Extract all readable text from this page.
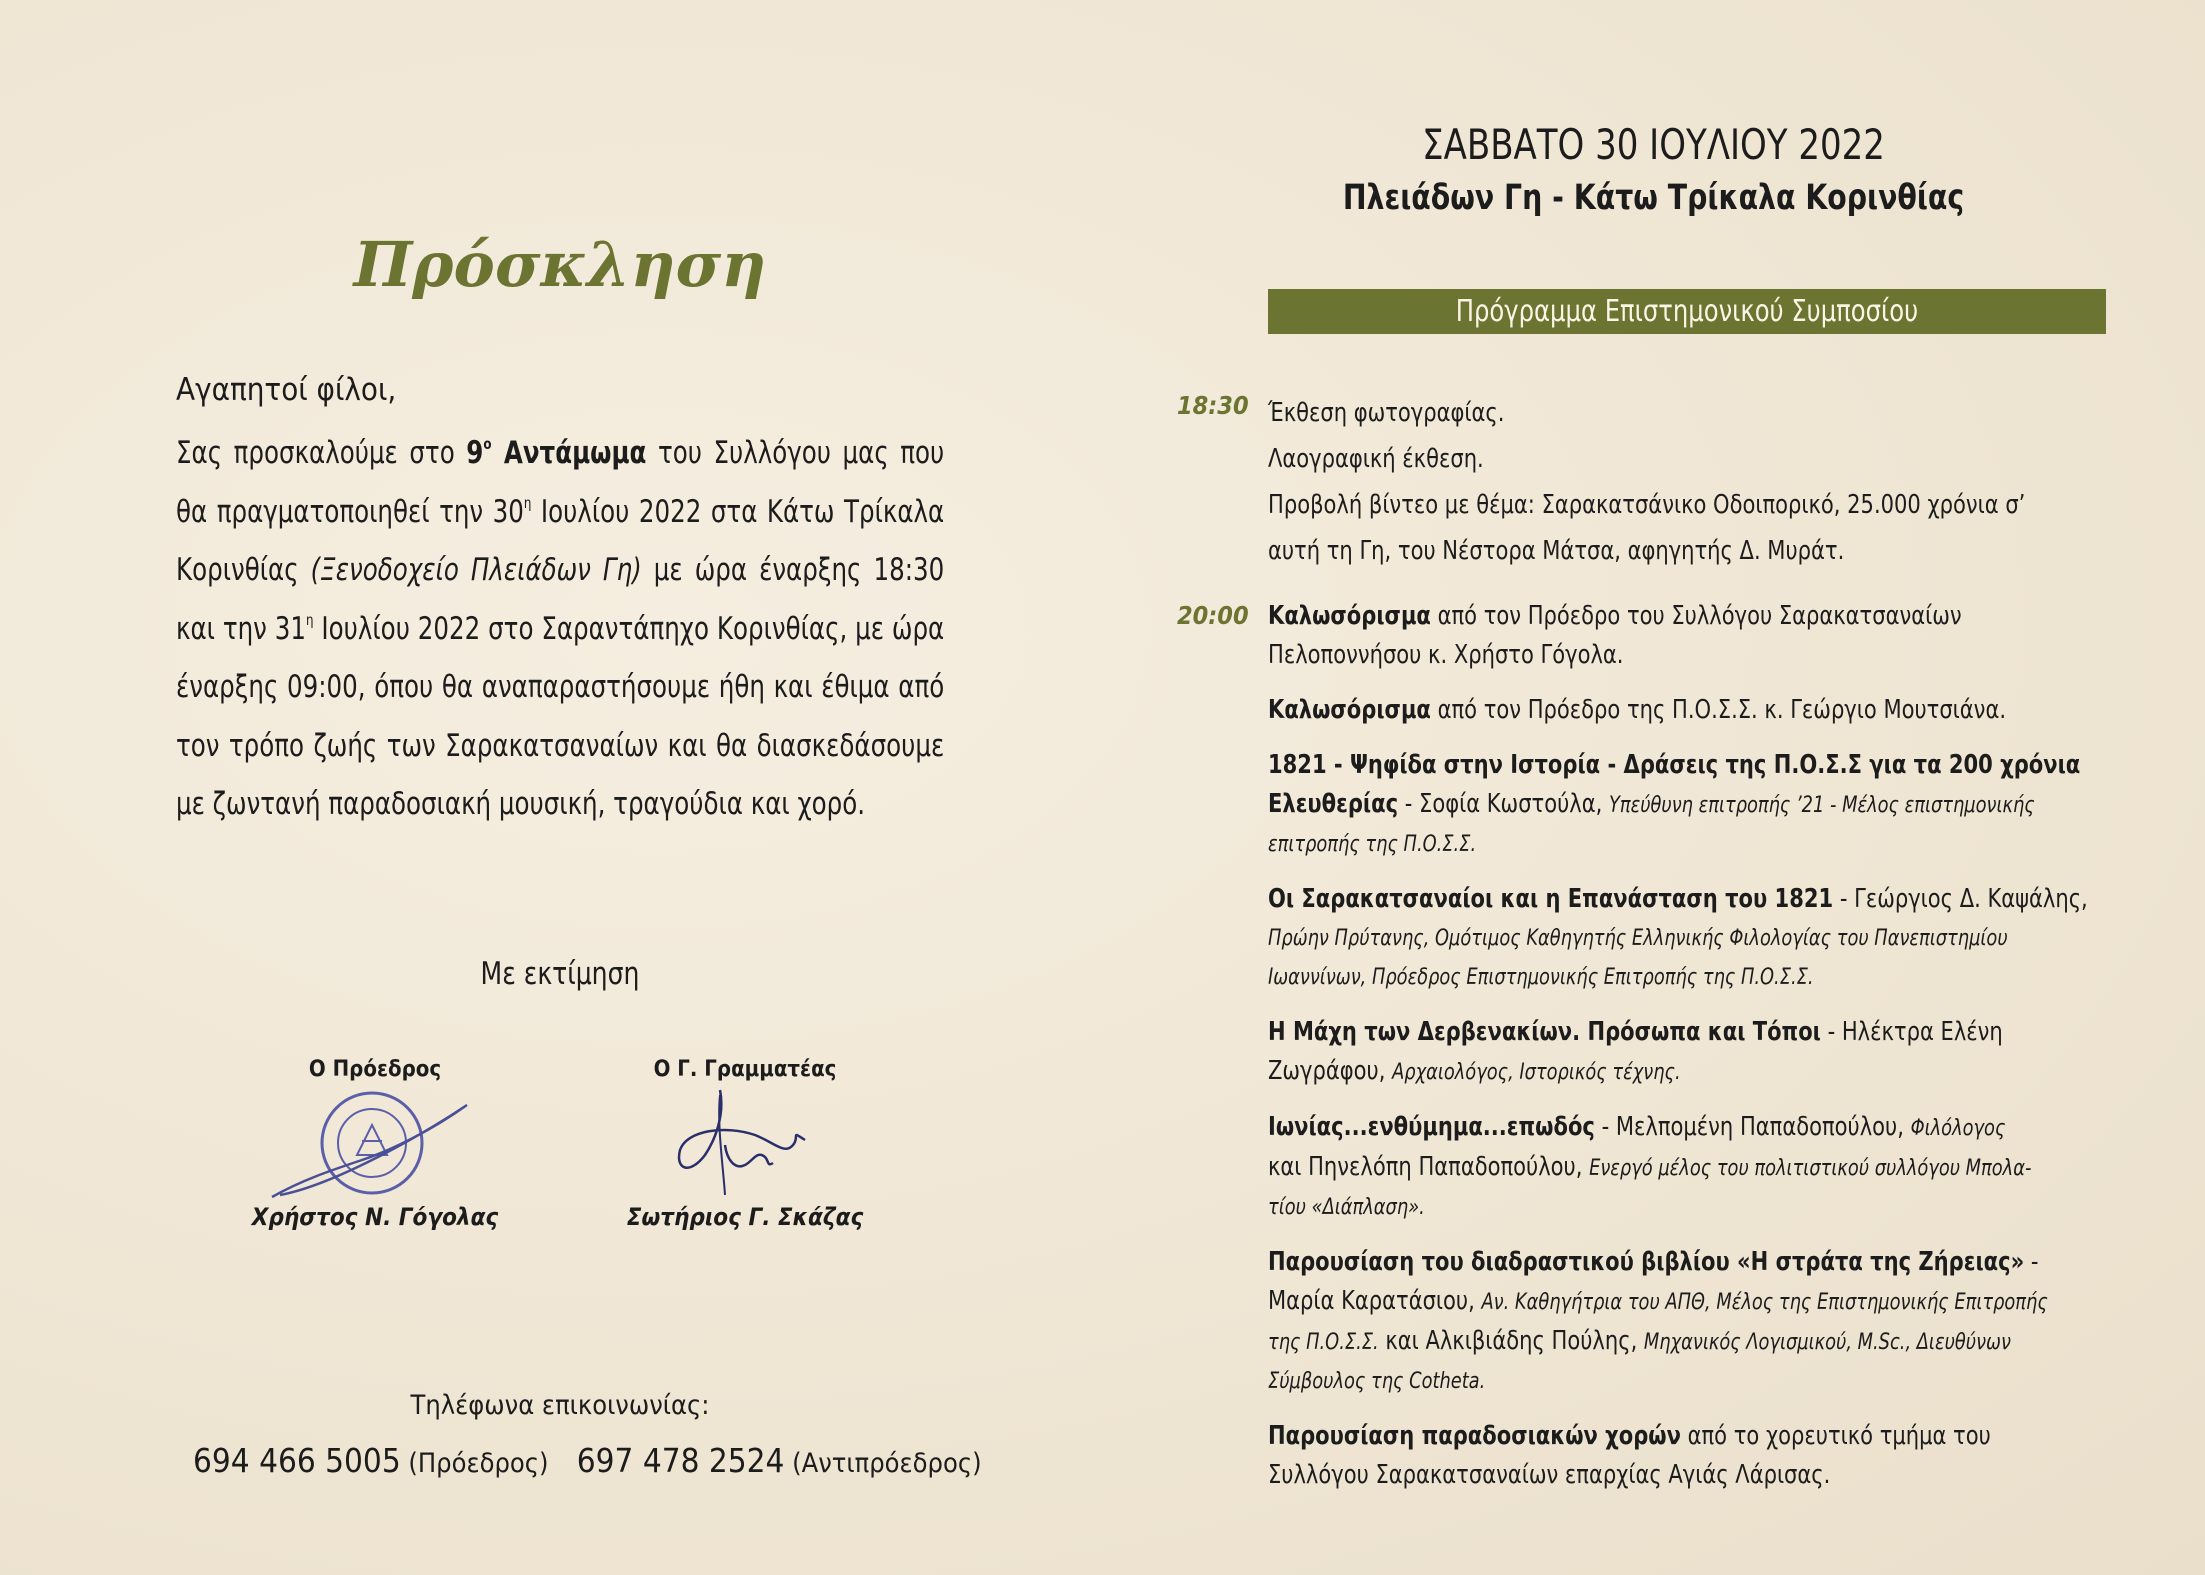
Πρόσκληση
Αγαπητοί φίλοι,
Σας προσκαλούμε στο $9^o$ Αντάμωμα του Συλλόγου μας που θα πραγματοποιηθεί την $30^\eta$ Ιουλίου 2022 στα Κάτω Τρίκαλα Κορινθίας (Ξενοδοχείο Πλειάδων Γη) με ώρα έναρξης 18:30 και την $31^\eta$ Ιουλίου 2022 στο Σαραντάπηχο Κορινθίας, με ώρα έναρξης 09:00, όπου θα αναπαραστήσουμε ήθη και έθιμα από τον τρόπο ζωής των Σαρακατσαναίων και θα διασκεδάσουμε με ζωντανή παραδοσιακή μουσική, τραγούδια και χορό.
Με εκτίμηση
Ο Πρόεδρος	Ο Γ. Γραμματέας
Χρήστος Ν. Γόγολας	Σωτήριος Γ. Σκάζας
Τηλέφωνα επικοινωνίας:
694 466 5005 (Πρόεδρος) 697 478 2524 (Αντιπρόεδρος)
ΣΑΒΒΑΤΟ 30 ΙΟΥΛΙΟΥ 2022
Πλειάδων Γη - Κάτω Τρίκαλα Κορινθίας
Πρόγραμμα Επιστημονικού Συμποσίου
18:30 Έκθεση φωτογραφίας.

Λαογραφική έκθεση.

Προβολή βίντεο με θέμα: Σαρακατσάνικο Οδοιπορικό, 25.000 χρόνια σ’

αυτή τη Γη, του Νέστορα Μάτσα, αφηγητής Δ. Μυράτ.

20:00 Καλωσόρισμα από τον Πρόεδρο του Συλλόγου Σαρακατσαναίων

Πελοποννήσου κ. Χρήστο Γόγολα.

Καλωσόρισμα από τον Πρόεδρο της Π.Ο.Σ.Σ. κ. Γεώργιο Μουτσιάνα.

1821 - Ψηφίδα στην Ιστορία - Δράσεις της Π.Ο.Σ.Σ για τα 200 χρόνια

Ελευθερίας - Σοφία Κωστούλα, Υπεύθυνη επιτροπής ’21 - Μέλος επιστημονικής

επιτροπής της Π.Ο.Σ.Σ.

Οι Σαρακατσαναίοι και η Επανάσταση του 1821 - Γεώργιος Δ. Καψάλης,

Πρώην Πρύτανης, Ομότιμος Καθηγητής Ελληνικής Φιλολογίας του Πανεπιστημίου

Ιωαννίνων, Πρόεδρος Επιστημονικής Επιτροπής της Π.Ο.Σ.Σ.

Η Μάχη των Δερβενακίων. Πρόσωπα και Τόποι - Ηλέκτρα Ελένη

Ζωγράφου, Αρχαιολόγος, Ιστορικός τέχνης.

Ιωνίας...ενθύμημα...επωδός - Μελπομένη Παπαδοπούλου, Φιλόλογος

και Πηνελόπη Παπαδοπούλου, Ενεργό μέλος του πολιτιστικού συλλόγου Μπολα-

τίου «Διάπλαση».

Παρουσίαση του διαδραστικού βιβλίου «Η στράτα της Ζήρειας» -

Μαρία Καρατάσιου, Αν. Καθηγήτρια του ΑΠΘ, Μέλος της Επιστημονικής Επιτροπής

της Π.Ο.Σ.Σ. και Αλκιβιάδης Πούλης, Μηχανικός Λογισμικού, M.Sc., Διευθύνων

Σύμβουλος της Cotheta.

Παρουσίαση παραδοσιακών χορών από το χορευτικό τμήμα του

Συλλόγου Σαρακατσαναίων επαρχίας Αγιάς Λάρισας.
